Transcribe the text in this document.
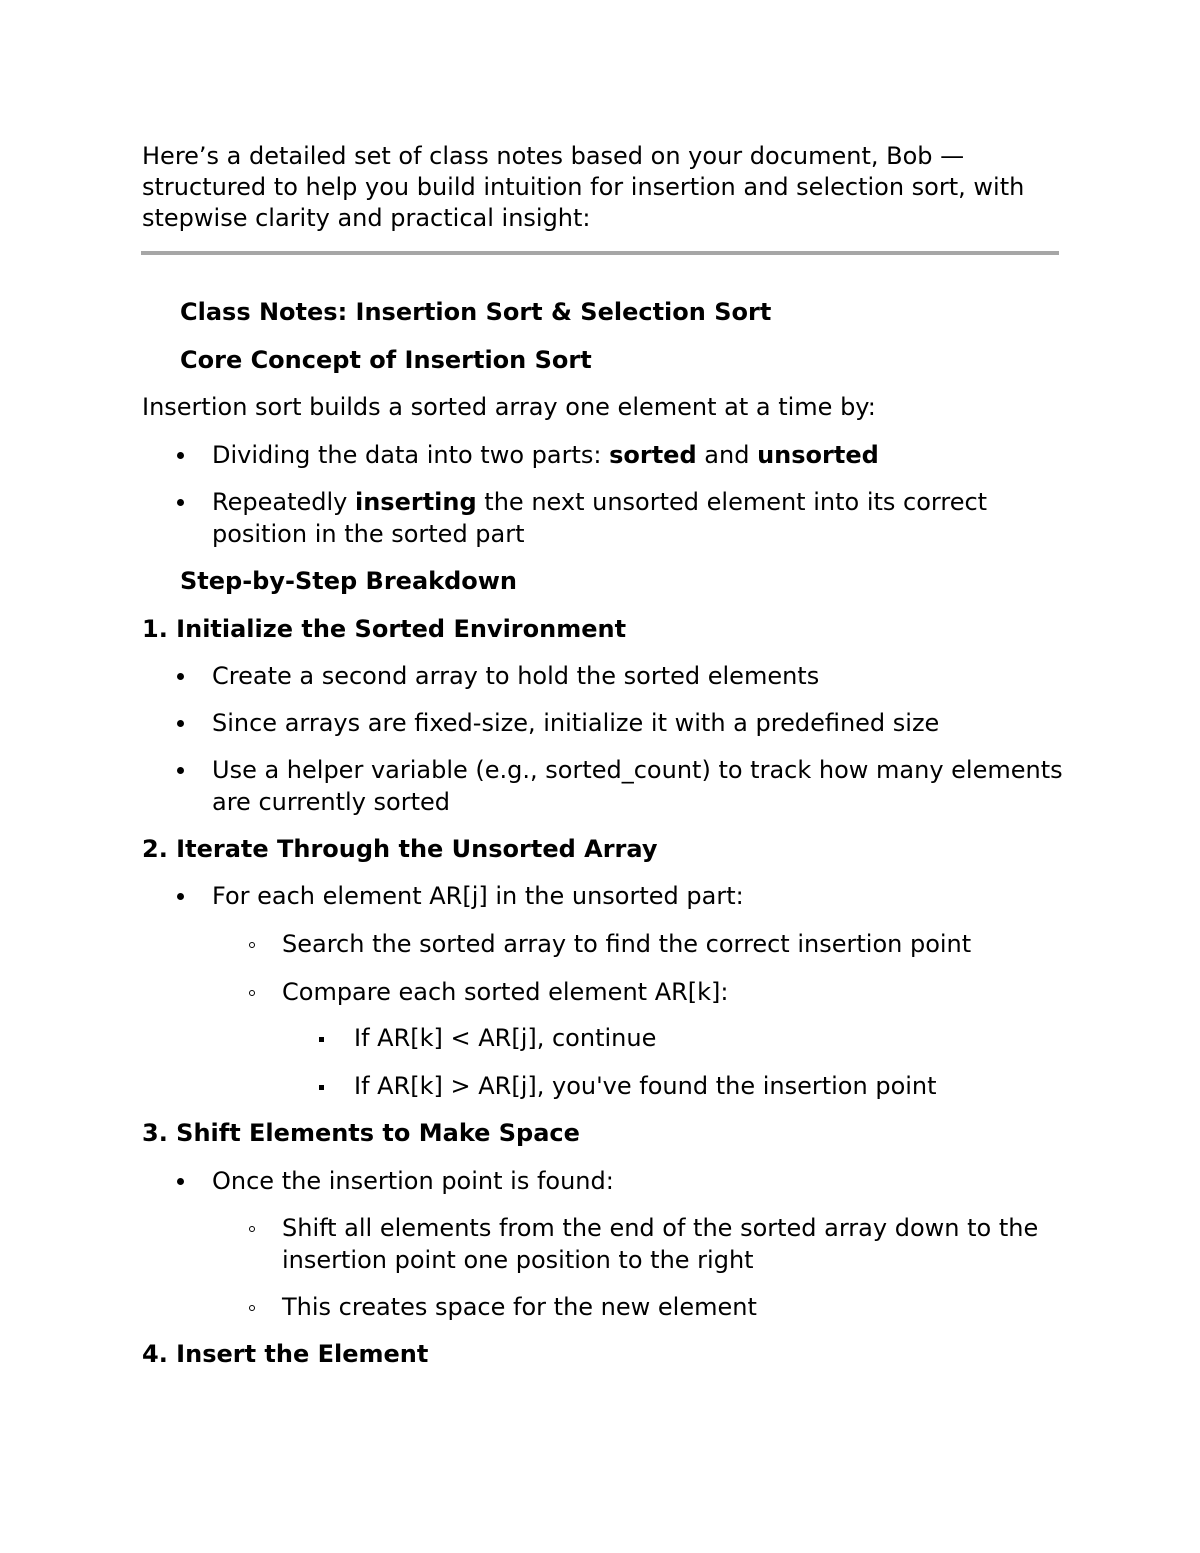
Here’s a detailed set of class notes based on your document, Bob —
structured to help you build intuition for insertion and selection sort, with
stepwise clarity and practical insight:
Class Notes: Insertion Sort & Selection Sort
Core Concept of Insertion Sort
Insertion sort builds a sorted array one element at a time by:
Dividing the data into two parts: sorted and unsorted
Repeatedly inserting the next unsorted element into its correct
position in the sorted part
Step-by-Step Breakdown
1. Initialize the Sorted Environment
Create a second array to hold the sorted elements
Since arrays are fixed-size, initialize it with a predefined size
Use a helper variable (e.g., sorted_count) to track how many elements
are currently sorted
2. Iterate Through the Unsorted Array
For each element AR[j] in the unsorted part:
Search the sorted array to find the correct insertion point
Compare each sorted element AR[k]:
If AR[k] < AR[j], continue
If AR[k] > AR[j], you've found the insertion point
3. Shift Elements to Make Space
Once the insertion point is found:
Shift all elements from the end of the sorted array down to the
insertion point one position to the right
This creates space for the new element
4. Insert the Element
